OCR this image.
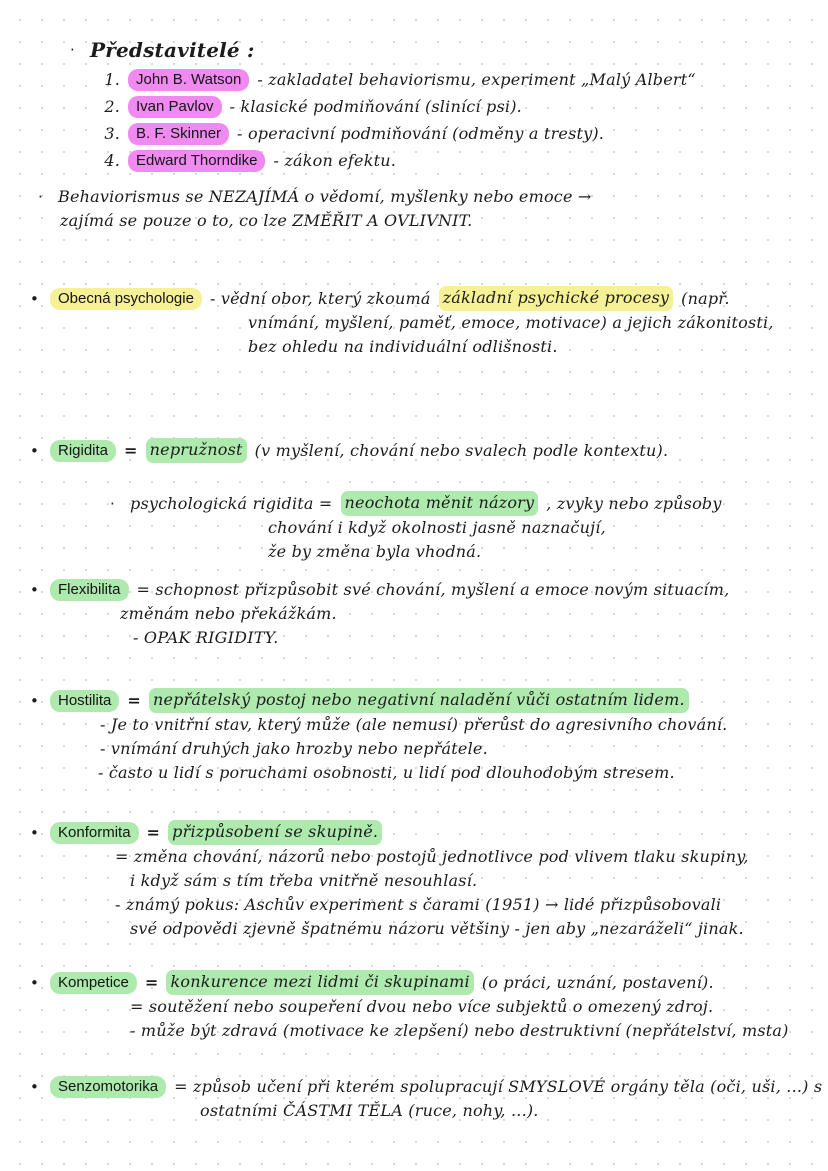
· Představitelé :
1.	John B. Watson	- zakladatel behaviorismu, experiment „Malý Albert“
2.	Ivan Pavlov	- klasické podmiňování (slinící psi).
3.	B. F. Skinner	- operacivní podmiňování (odměny a tresty).
4.	Edward Thorndike	- zákon efektu.
· Behaviorismus se NEZAJÍMÁ o vědomí, myšlenky nebo emoce →
zajímá se pouze o to, co lze ZMĚŘIT A OVLIVNIT.
•	Obecná psychologie	- vědní obor, který zkoumá základní psychické procesy (např.
vnímání, myšlení, paměť, emoce, motivace) a jejich zákonitosti,
bez ohledu na individuální odlišnosti.
•	Rigidita	= nepružnost (v myšlení, chování nebo svalech podle kontextu).
· psychologická rigidita = neochota měnit názory , zvyky nebo způsoby
chování i když okolnosti jasně naznačují,
že by změna byla vhodná.
•	Flexibilita	= schopnost přizpůsobit své chování, myšlení a emoce novým situacím,
změnám nebo překážkám.
- OPAK RIGIDITY.
•	Hostilita	= nepřátelský postoj nebo negativní naladění vůči ostatním lidem.
- Je to vnitřní stav, který může (ale nemusí) přerůst do agresivního chování.
- vnímání druhých jako hrozby nebo nepřátele.
- často u lidí s poruchami osobnosti, u lidí pod dlouhodobým stresem.
•	Konformita	= přizpůsobení se skupině.
= změna chování, názorů nebo postojů jednotlivce pod vlivem tlaku skupiny,
i když sám s tím třeba vnitřně nesouhlasí.
- známý pokus: Aschův experiment s čarami (1951) → lidé přizpůsobovali
své odpovědi zjevně špatnému názoru většiny - jen aby „nezaráželi“ jinak.
•	Kompetice	= konkurence mezi lidmi či skupinami (o práci, uznání, postavení).
= soutěžení nebo soupeření dvou nebo více subjektů o omezený zdroj.
- může být zdravá (motivace ke zlepšení) nebo destruktivní (nepřátelství, msta)
•	Senzomotorika	= způsob učení při kterém spolupracují SMYSLOVÉ orgány těla (oči, uši, ...) s
ostatními ČÁSTMI TĚLA (ruce, nohy, ...).
